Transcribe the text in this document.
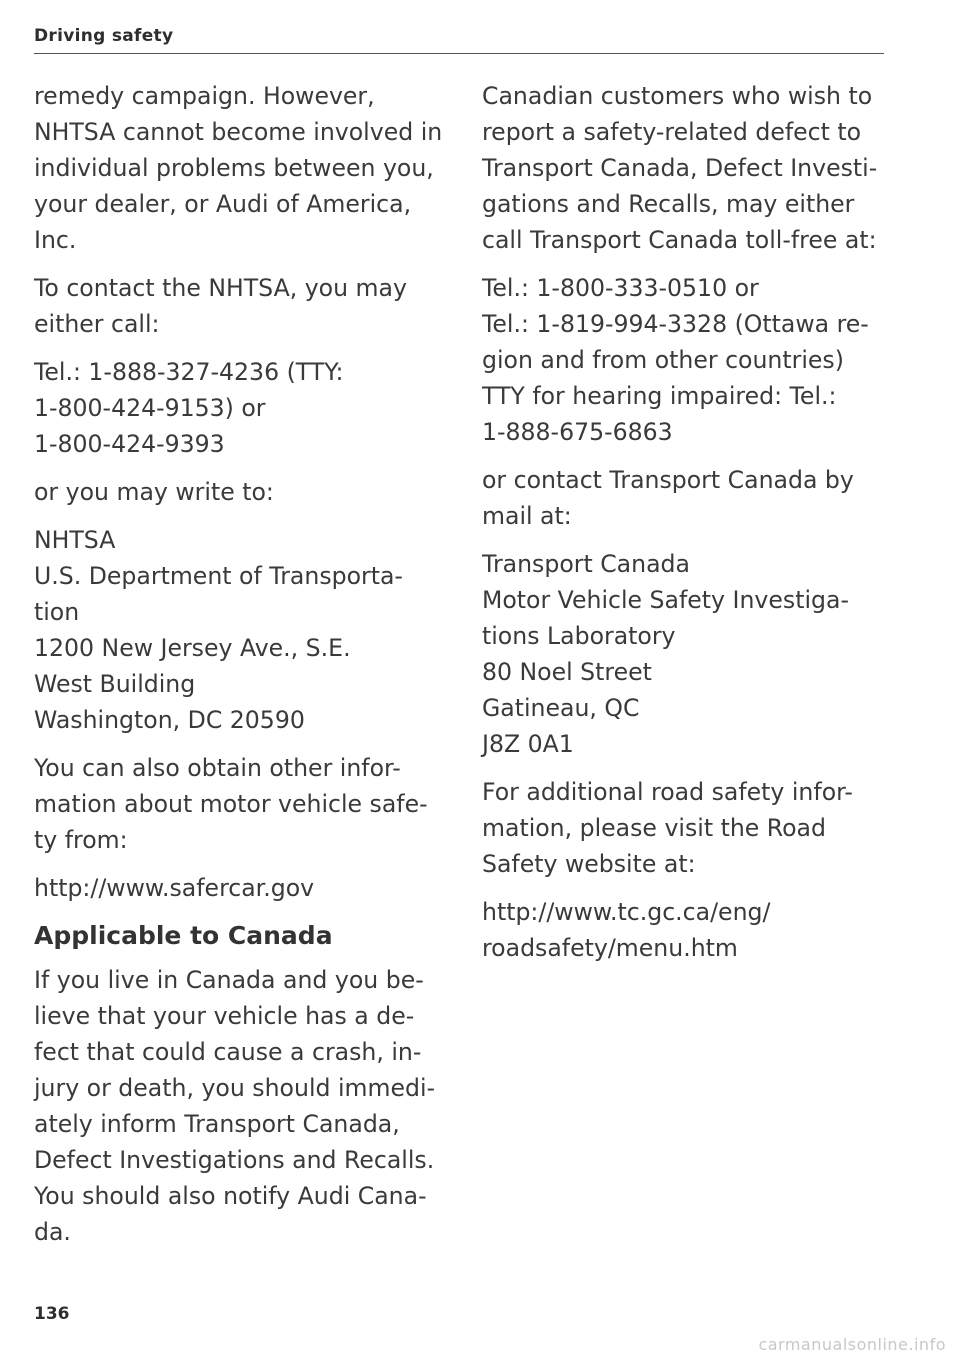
Driving safety

remedy campaign. However,
NHTSA cannot become involved in
individual problems between you,
your dealer, or Audi of America,
Inc.

To contact the NHTSA, you may
either call:

Tel.: 1-888-327-4236 (TTY:
1-800-424-9153) or
1-800-424-9393

or you may write to:

NHTSA
U.S. Department of Transporta-
tion
1200 New Jersey Ave., S.E.
West Building
Washington, DC 20590

You can also obtain other infor-
mation about motor vehicle safe-
ty from:

http://www.safercar.gov

Applicable to Canada

If you live in Canada and you be-
lieve that your vehicle has a de-
fect that could cause a crash, in-
jury or death, you should immedi-
ately inform Transport Canada,
Defect Investigations and Recalls.
You should also notify Audi Cana-
da.

Canadian customers who wish to
report a safety-related defect to
Transport Canada, Defect Investi-
gations and Recalls, may either
call Transport Canada toll-free at:

Tel.: 1-800-333-0510 or
Tel.: 1-819-994-3328 (Ottawa re-
gion and from other countries)
TTY for hearing impaired: Tel.:
1-888-675-6863

or contact Transport Canada by
mail at:

Transport Canada
Motor Vehicle Safety Investiga-
tions Laboratory
80 Noel Street
Gatineau, QC
J8Z 0A1

For additional road safety infor-
mation, please visit the Road
Safety website at:

http://www.tc.gc.ca/eng/
roadsafety/menu.htm

136
carmanualsonline.info
